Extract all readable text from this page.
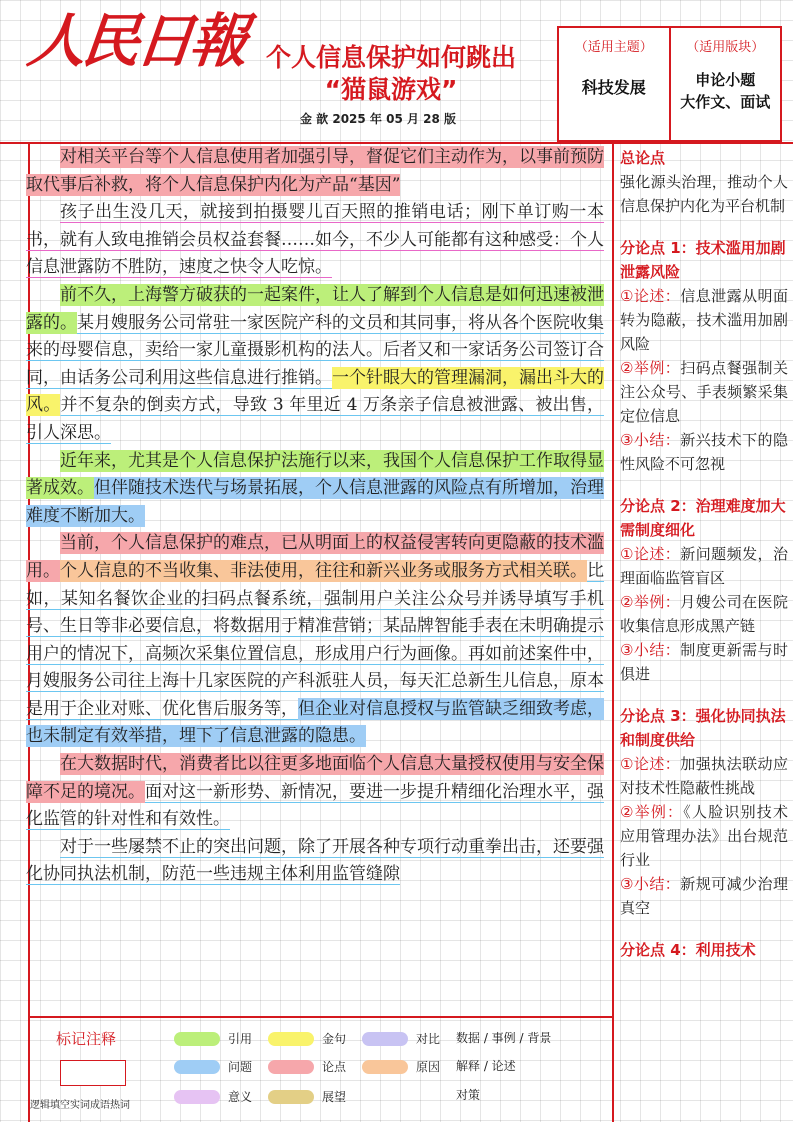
人民日報 个人信息保护如何跳出
“猫鼠游戏”
金 歆 2025 年 05 月 28 版
（适用主题）
科技发展
（适用版块）
申论小题
大作文、面试

对相关平台等个人信息使用者加强引导，督促它们主动作为，以事前预防取代事后补救，将个人信息保护内化为产品“基因”

孩子出生没几天，就接到拍摄婴儿百天照的推销电话；刚下单订购一本书，就有人致电推销会员权益套餐……如今，不少人可能都有这种感受：个人信息泄露防不胜防，速度之快令人吃惊。

前不久，上海警方破获的一起案件，让人了解到个人信息是如何迅速被泄露的。某月嫂服务公司常驻一家医院产科的文员和其同事，将从各个医院收集来的母婴信息，卖给一家儿童摄影机构的法人。后者又和一家话务公司签订合同，由话务公司利用这些信息进行推销。一个针眼大的管理漏洞，漏出斗大的风。并不复杂的倒卖方式，导致 3 年里近 4 万条亲子信息被泄露、被出售，引人深思。

近年来，尤其是个人信息保护法施行以来，我国个人信息保护工作取得显著成效。但伴随技术迭代与场景拓展，个人信息泄露的风险点有所增加，治理难度不断加大。

当前，个人信息保护的难点，已从明面上的权益侵害转向更隐蔽的技术滥用。个人信息的不当收集、非法使用，往往和新兴业务或服务方式相关联。比如，某知名餐饮企业的扫码点餐系统，强制用户关注公众号并诱导填写手机号、生日等非必要信息，将数据用于精准营销；某品牌智能手表在未明确提示用户的情况下，高频次采集位置信息，形成用户行为画像。再如前述案件中，月嫂服务公司往上海十几家医院的产科派驻人员，每天汇总新生儿信息，原本是用于企业对账、优化售后服务等，但企业对信息授权与监管缺乏细致考虑，也未制定有效举措，埋下了信息泄露的隐患。

在大数据时代，消费者比以往更多地面临个人信息大量授权使用与安全保障不足的境况。面对这一新形势、新情况，要进一步提升精细化治理水平，强化监管的针对性和有效性。

对于一些屡禁不止的突出问题，除了开展各种专项行动重拳出击，还要强化协同执法机制，防范一些违规主体利用监管缝隙

总论点
强化源头治理，推动个人信息保护内化为平台机制
分论点 1：技术滥用加剧泄露风险
①论述：信息泄露从明面转为隐蔽，技术滥用加剧风险
②举例：扫码点餐强制关注公众号、手表频繁采集定位信息
③小结：新兴技术下的隐性风险不可忽视
分论点 2：治理难度加大需制度细化
①论述：新问题频发，治理面临监管盲区
②举例：月嫂公司在医院收集信息形成黑产链
③小结：制度更新需与时俱进
分论点 3：强化协同执法和制度供给
①论述：加强执法联动应对技术性隐蔽性挑战
②举例：《人脸识别技术应用管理办法》出台规范行业
③小结：新规可减少治理真空
分论点 4：利用技术
标记注释
逻辑填空实词成语热词
引用	金句	对比 数据 / 事例 / 背景
问题	论点	原因 解释 / 论述
意义	展望	对策
